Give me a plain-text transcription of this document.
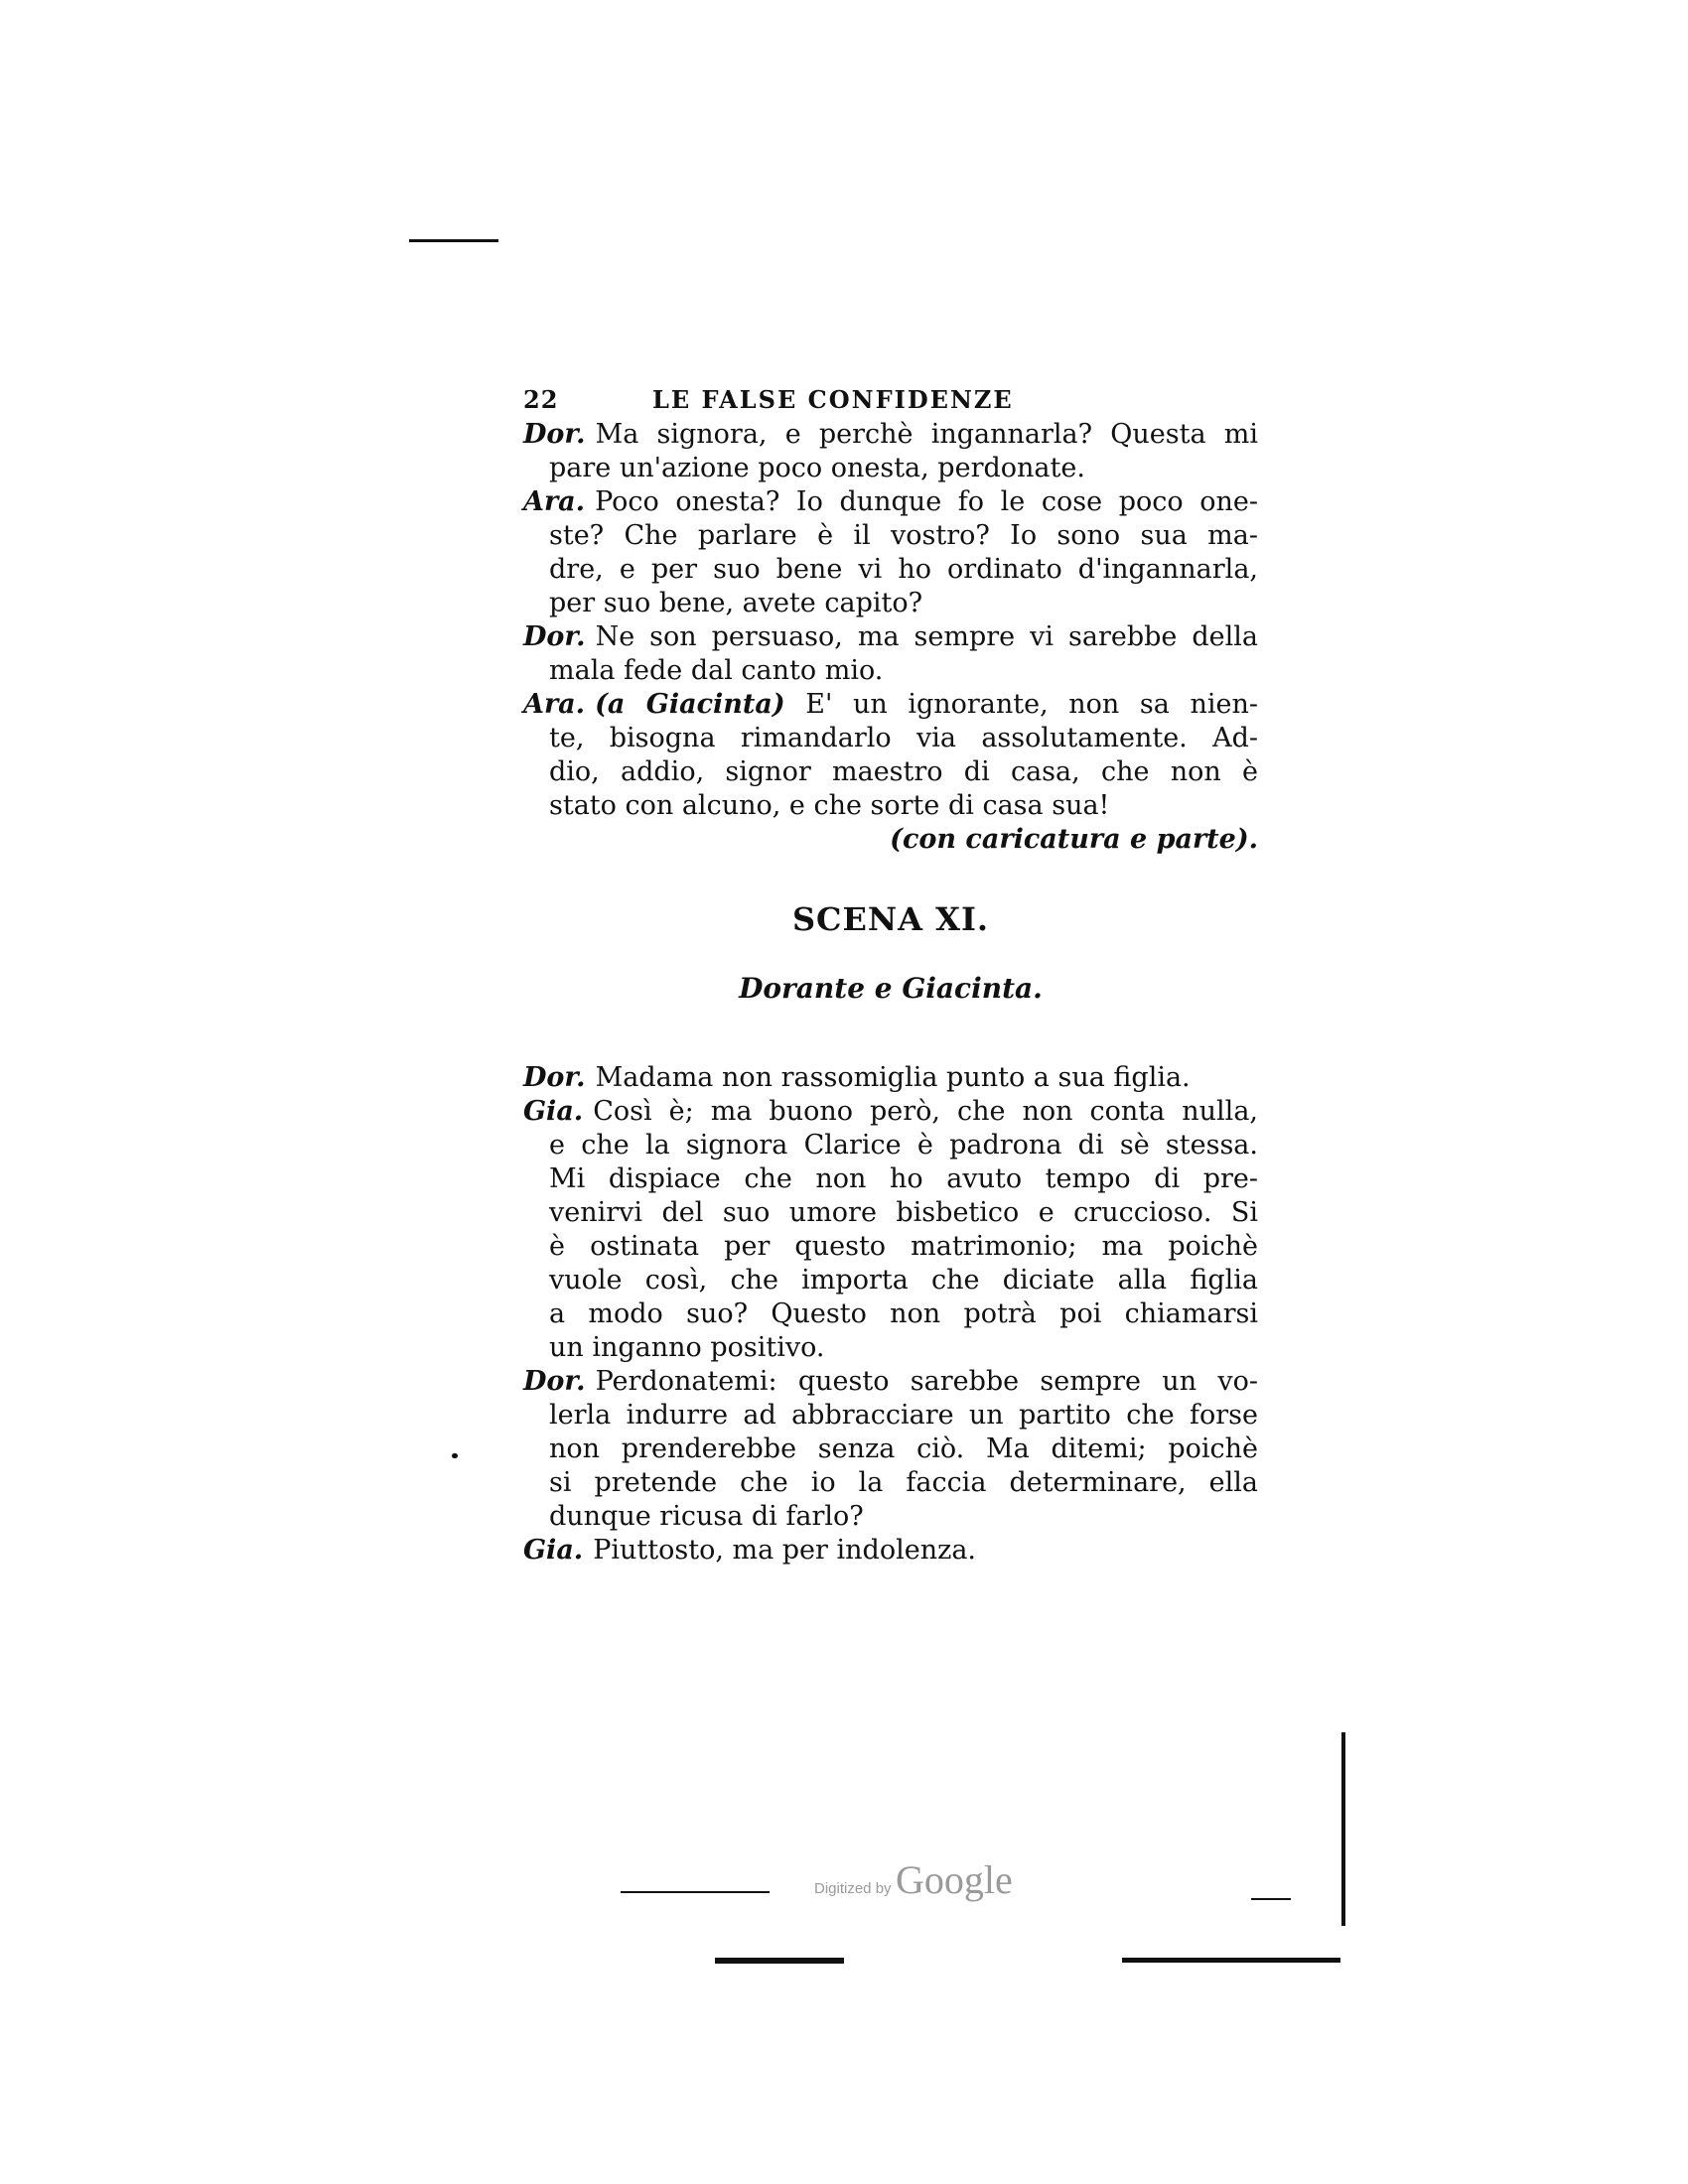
22	LE FALSE CONFIDENZE
Dor. Ma signora, e perchè ingannarla? Questa mi
pare un'azione poco onesta, perdonate.
Ara. Poco onesta? Io dunque fo le cose poco one-
ste? Che parlare è il vostro? Io sono sua ma-
dre, e per suo bene vi ho ordinato d'ingannarla,
per suo bene, avete capito?
Dor. Ne son persuaso, ma sempre vi sarebbe della
mala fede dal canto mio.
Ara. (a Giacinta) E' un ignorante, non sa nien-
te, bisogna rimandarlo via assolutamente. Ad-
dio, addio, signor maestro di casa, che non è
stato con alcuno, e che sorte di casa sua!
(con caricatura e parte).
SCENA XI.
Dorante e Giacinta.
Dor. Madama non rassomiglia punto a sua figlia.
Gia. Così è; ma buono però, che non conta nulla,
e che la signora Clarice è padrona di sè stessa.
Mi dispiace che non ho avuto tempo di pre-
venirvi del suo umore bisbetico e crucciosо. Si
è ostinata per questo matrimonio; ma poichè
vuole così, che importa che diciate alla figlia
a modo suo? Questo non potrà poi chiamarsi
un inganno positivo.
Dor. Perdonatemi: questo sarebbe sempre un vo-
lerla indurre ad abbracciare un partito che forse
non prenderebbe senza ciò. Ma ditemi; poichè
si pretende che io la faccia determinare, ella
dunque ricusa di farlo?
Gia. Piuttosto, ma per indolenza.
Digitized by Google
